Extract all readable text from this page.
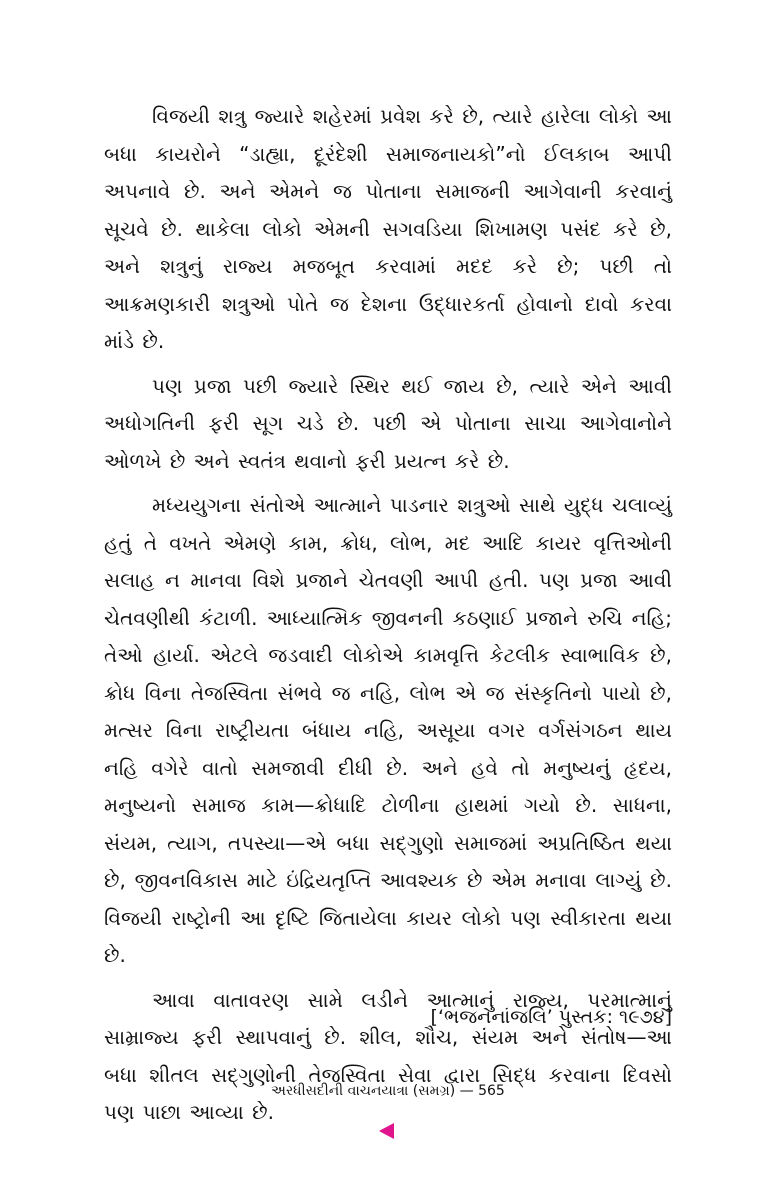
વિજયી શત્રુ જ્યારે શહેરમાં પ્રવેશ કરે છે, ત્યારે હારેલા લોકો આ બધા કાયરોને “ડાહ્યા, દૂરંદેશી સમાજનાયકો”નો ઈલકાબ આપી અપનાવે છે. અને એમને જ પોતાના સમાજની આગેવાની કરવાનું સૂચવે છે. થાકેલા લોકો એમની સગવડિયા શિખામણ પસંદ કરે છે, અને શત્રુનું રાજ્ય મજબૂત કરવામાં મદદ કરે છે; પછી તો આક્રમણકારી શત્રુઓ પોતે જ દેશના ઉદ્ધારકર્તા હોવાનો દાવો કરવા માંડે છે.

પણ પ્રજા પછી જ્યારે સ્થિર થઈ જાય છે, ત્યારે એને આવી અધોગતિની ફરી સૂગ ચડે છે. પછી એ પોતાના સાચા આગેવાનોને ઓળખે છે અને સ્વતંત્ર થવાનો ફરી પ્રયત્ન કરે છે.

મધ્યયુગના સંતોએ આત્માને પાડનાર શત્રુઓ સાથે યુદ્ધ ચલાવ્યું હતું તે વખતે એમણે કામ, ક્રોધ, લોભ, મદ આદિ કાયર વૃત્તિઓની સલાહ ન માનવા વિશે પ્રજાને ચેતવણી આપી હતી. પણ પ્રજા આવી ચેતવણીથી કંટાળી. આધ્યાત્મિક જીવનની કઠણાઈ પ્રજાને રુચિ નહિ; તેઓ હાર્યા. એટલે જડવાદી લોકોએ કામવૃત્તિ કેટલીક સ્વાભાવિક છે, ક્રોધ વિના તેજસ્વિતા સંભવે જ નહિ, લોભ એ જ સંસ્કૃતિનો પાયો છે, મત્સર વિના રાષ્ટ્રીયતા બંધાય નહિ, અસૂયા વગર વર્ગસંગઠન થાય નહિ વગેરે વાતો સમજાવી દીધી છે. અને હવે તો મનુષ્યનું હૃદય, મનુષ્યનો સમાજ કામ—ક્રોધાદિ ટોળીના હાથમાં ગયો છે. સાધના, સંયમ, ત્યાગ, તપસ્યા—એ બધા સદ્ગુણો સમાજમાં અપ્રતિષ્ઠિત થયા છે, જીવનવિકાસ માટે ઇંદ્રિયતૃપ્તિ આવશ્યક છે એમ મનાવા લાગ્યું છે. વિજયી રાષ્ટ્રોની આ દૃષ્ટિ જિતાયેલા કાયર લોકો પણ સ્વીકારતા થયા છે.

આવા વાતાવરણ સામે લડીને આત્માનું રાજ્ય, પરમાત્માનું સામ્રાજ્ય ફરી સ્થાપવાનું છે. શીલ, શૌચ, સંયમ અને સંતોષ—આ બધા શીતલ સદ્ગુણોની તેજસ્વિતા સેવા દ્વારા સિદ્ધ કરવાના દિવસો પણ પાછા આવ્યા છે.

[‘ભજનનાંજલિ’ પુસ્તક: ૧૯૭૪]
અરધીસદીની વાચનયાત્રા (સમગ્ર) — 565
